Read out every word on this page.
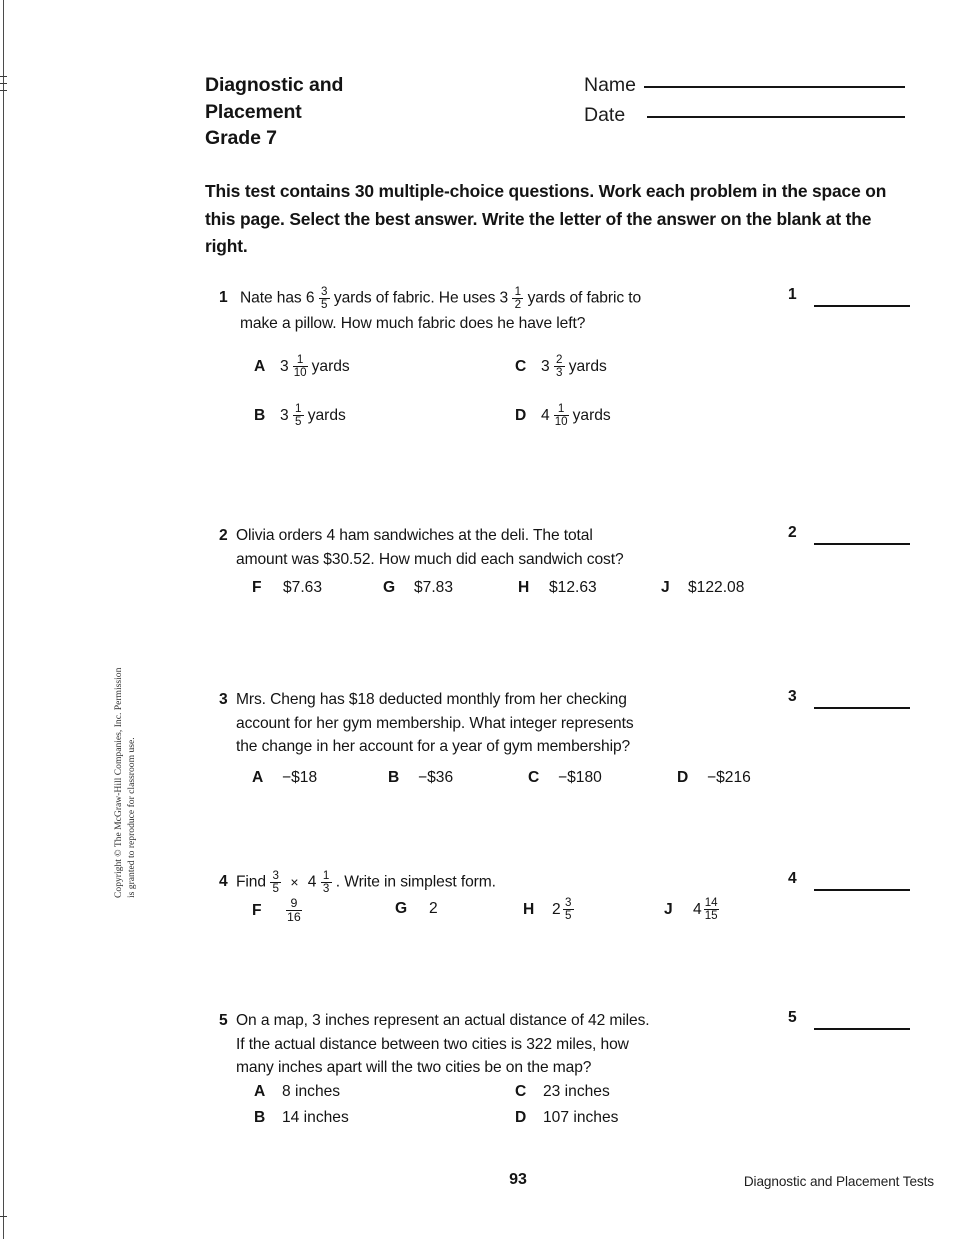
Diagnostic and
Placement
Grade 7
Name
Date
This test contains 30 multiple-choice questions. Work each problem in the space on this page. Select the best answer. Write the letter of the answer on the blank at the right.
1 Nate has $6 \frac{3}{5}$ yards of fabric. He uses $3 \frac{1}{2}$ yards of fabric to
make a pillow. How much fabric does he have left?
1
A $3 \frac{1}{10}$ yards
B $3 \frac{1}{5}$ yards
C $3 \frac{2}{3}$ yards
D $4 \frac{1}{10}$ yards
2 Olivia orders 4 ham sandwiches at the deli. The total
amount was $30.52. How much did each sandwich cost?
2
F	$7.63	G	$7.83	H	$12.63	J	$122.08
3 Mrs. Cheng has $18 deducted monthly from her checking
account for her gym membership. What integer represents
the change in her account for a year of gym membership?
3
A	−$18	B	−$36	C	−$180	D	−$216
4 Find $\frac{3}{5} \times 4 \frac{1}{3}$ . Write in simplest form.	4
F	$\frac{9}{16}$	G	2	H	$2 \frac{3}{5}$	J	$4 \frac{14}{15}$
5 On a map, 3 inches represent an actual distance of 42 miles.
If the actual distance between two cities is 322 miles, how
many inches apart will the two cities be on the map?
5
A	8 inches
B	14 inches
C	23 inches
D	107 inches
Copyright © The McGraw-Hill Companies, Inc. Permission is granted to reproduce for classroom use.
93	Diagnostic and Placement Tests
